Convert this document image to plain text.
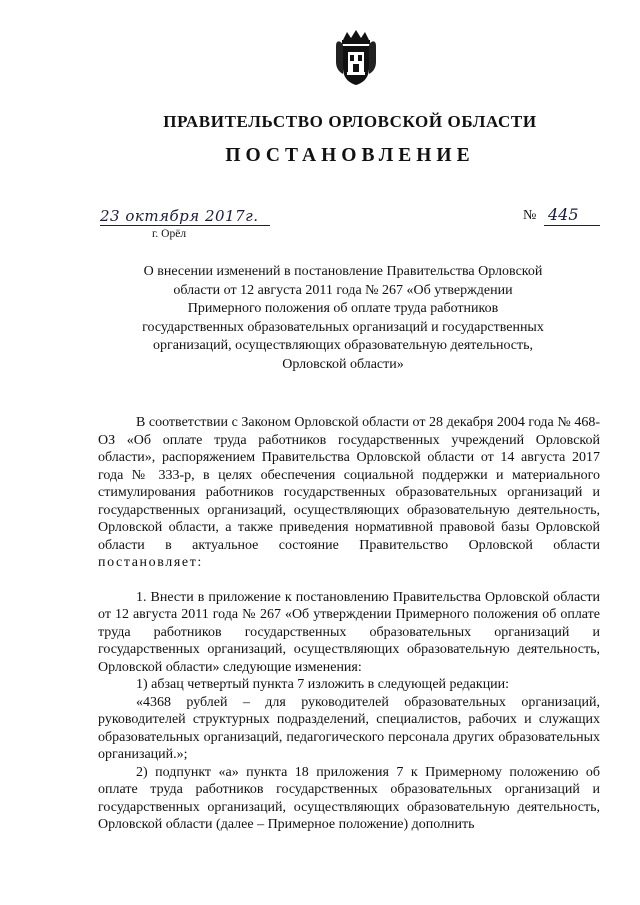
ПРАВИТЕЛЬСТВО ОРЛОВСКОЙ ОБЛАСТИ
ПОСТАНОВЛЕНИЕ
23 октября 2017г.
г. Орёл
№ 445
О внесении изменений в постановление Правительства Орловской области от 12 августа 2011 года № 267 «Об утверждении Примерного положения об оплате труда работников государственных образовательных организаций и государственных организаций, осуществляющих образовательную деятельность, Орловской области»

В соответствии с Законом Орловской области от 28 декабря 2004 года № 468-ОЗ «Об оплате труда работников государственных учреждений Орловской области», распоряжением Правительства Орловской области от 14 августа 2017 года № 333-р, в целях обеспечения социальной поддержки и материального стимулирования работников государственных образовательных организаций и государственных организаций, осуществляющих образовательную деятельность, Орловской области, а также приведения нормативной правовой базы Орловской области в актуальное состояние Правительство Орловской области постановляет:

1. Внести в приложение к постановлению Правительства Орловской области от 12 августа 2011 года № 267 «Об утверждении Примерного положения об оплате труда работников государственных образовательных организаций и государственных организаций, осуществляющих образовательную деятельность, Орловской области» следующие изменения:

1) абзац четвертый пункта 7 изложить в следующей редакции:

«4368 рублей – для руководителей образовательных организаций, руководителей структурных подразделений, специалистов, рабочих и служащих образовательных организаций, педагогического персонала других образовательных организаций.»;

2) подпункт «а» пункта 18 приложения 7 к Примерному положению об оплате труда работников государственных образовательных организаций и государственных организаций, осуществляющих образовательную деятельность, Орловской области (далее – Примерное положение) дополнить
